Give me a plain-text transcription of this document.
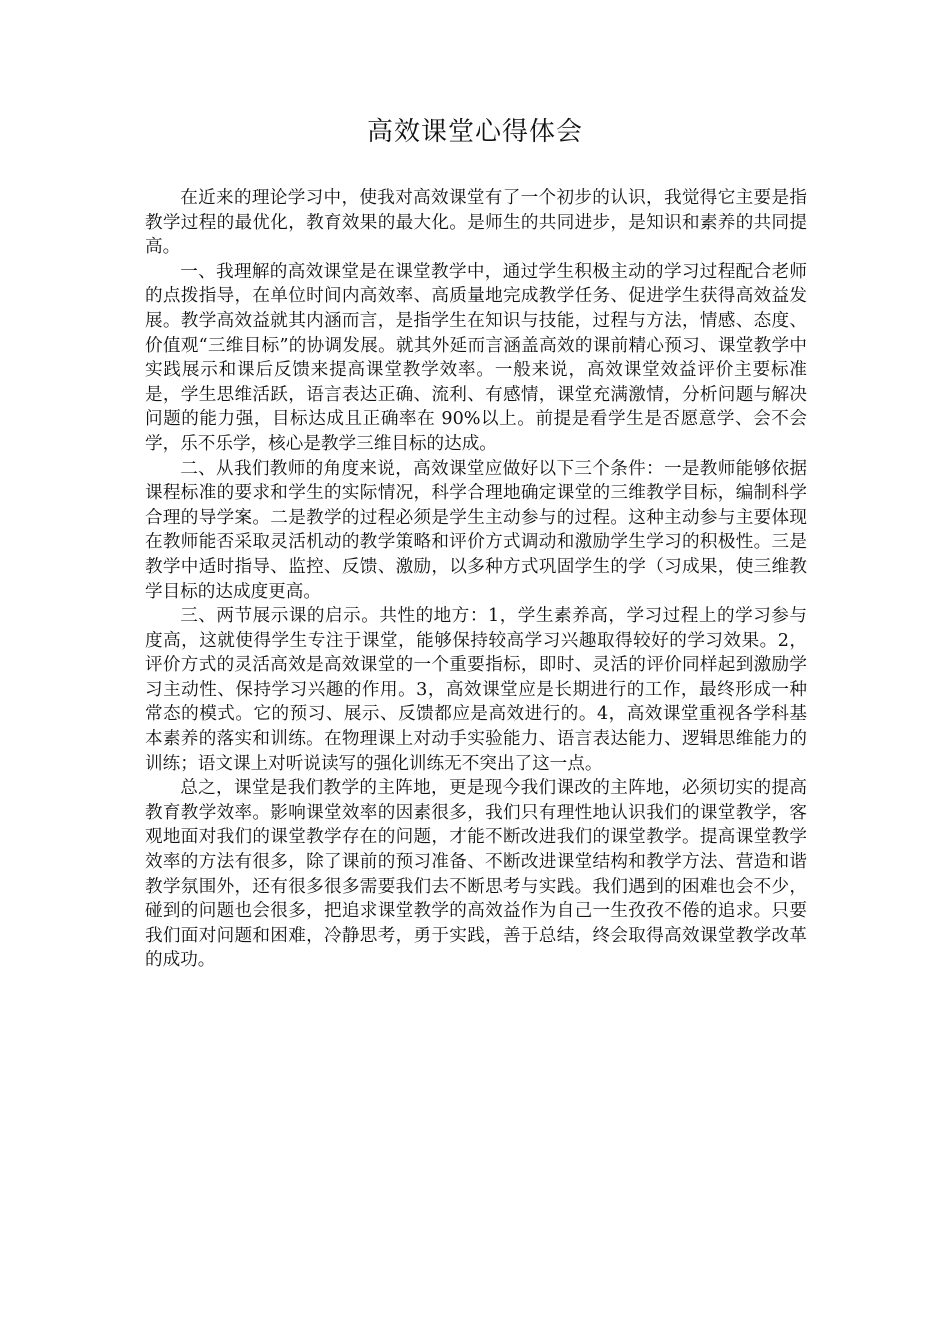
高效课堂心得体会

在近来的理论学习中，使我对高效课堂有了一个初步的认识，我觉得它主要是指教学过程的最优化，教育效果的最大化。是师生的共同进步，是知识和素养的共同提高。

一、我理解的高效课堂是在课堂教学中，通过学生积极主动的学习过程配合老师的点拨指导，在单位时间内高效率、高质量地完成教学任务、促进学生获得高效益发展。教学高效益就其内涵而言，是指学生在知识与技能，过程与方法，情感、态度、价值观“三维目标”的协调发展。就其外延而言涵盖高效的课前精心预习、课堂教学中实践展示和课后反馈来提高课堂教学效率。一般来说，高效课堂效益评价主要标准是，学生思维活跃，语言表达正确、流利、有感情，课堂充满激情，分析问题与解决问题的能力强，目标达成且正确率在 90%以上。前提是看学生是否愿意学、会不会学，乐不乐学，核心是教学三维目标的达成。

二、从我们教师的角度来说，高效课堂应做好以下三个条件：一是教师能够依据课程标准的要求和学生的实际情况，科学合理地确定课堂的三维教学目标，编制科学合理的导学案。二是教学的过程必须是学生主动参与的过程。这种主动参与主要体现在教师能否采取灵活机动的教学策略和评价方式调动和激励学生学习的积极性。三是教学中适时指导、监控、反馈、激励，以多种方式巩固学生的学（习成果，使三维教学目标的达成度更高。

三、两节展示课的启示。共性的地方：1，学生素养高，学习过程上的学习参与度高，这就使得学生专注于课堂，能够保持较高学习兴趣取得较好的学习效果。2，评价方式的灵活高效是高效课堂的一个重要指标，即时、灵活的评价同样起到激励学习主动性、保持学习兴趣的作用。3，高效课堂应是长期进行的工作，最终形成一种常态的模式。它的预习、展示、反馈都应是高效进行的。4，高效课堂重视各学科基本素养的落实和训练。在物理课上对动手实验能力、语言表达能力、逻辑思维能力的训练；语文课上对听说读写的强化训练无不突出了这一点。

总之，课堂是我们教学的主阵地，更是现今我们课改的主阵地，必须切实的提高教育教学效率。影响课堂效率的因素很多，我们只有理性地认识我们的课堂教学，客观地面对我们的课堂教学存在的问题，才能不断改进我们的课堂教学。提高课堂教学效率的方法有很多，除了课前的预习准备、不断改进课堂结构和教学方法、营造和谐教学氛围外，还有很多很多需要我们去不断思考与实践。我们遇到的困难也会不少，碰到的问题也会很多，把追求课堂教学的高效益作为自己一生孜孜不倦的追求。只要我们面对问题和困难，冷静思考，勇于实践，善于总结，终会取得高效课堂教学改革的成功。
